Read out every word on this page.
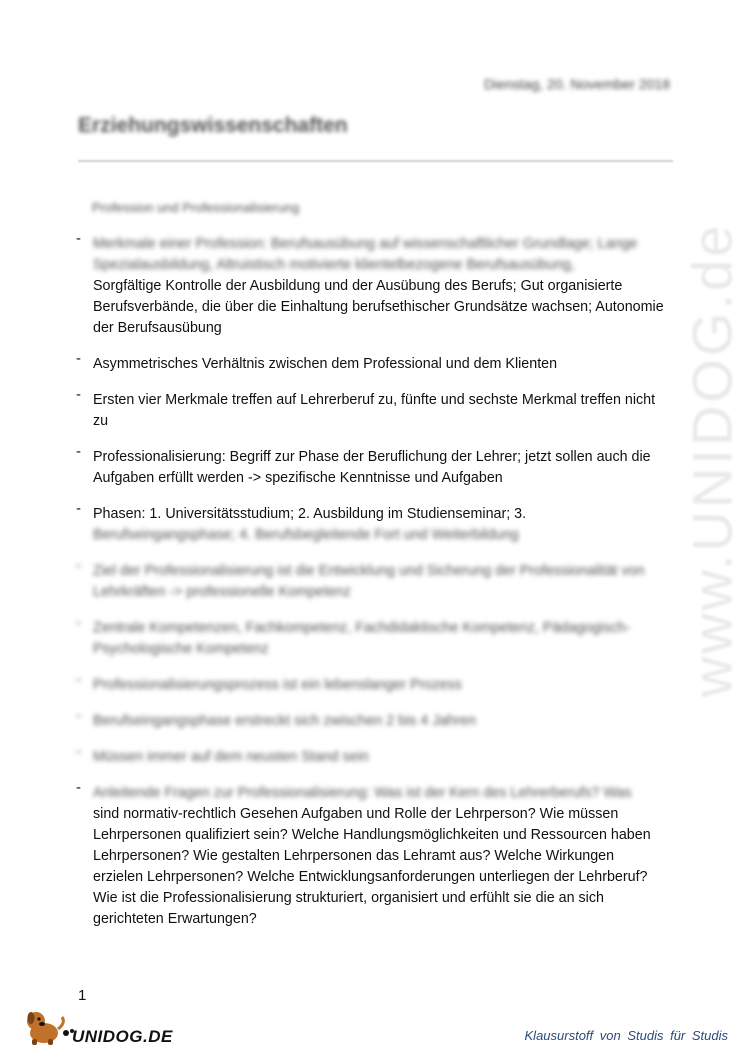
www.UNIDOG.de
Dienstag, 20. November 2018
Erziehungswissenschaften
Profession und Professionalisierung
- Merkmale einer Profession: Berufsausübung auf wissenschaftlicher Grundlage; Lange Spezialausbildung, Altruistisch motivierte klientelbezogene Berufsausübung,
Sorgfältige Kontrolle der Ausbildung und der Ausübung des Berufs; Gut organisierte Berufsverbände, die über die Einhaltung berufsethischer Grundsätze wachsen; Autonomie der Berufsausübung
- Asymmetrisches Verhältnis zwischen dem Professional und dem Klienten
- Ersten vier Merkmale treffen auf Lehrerberuf zu, fünfte und sechste Merkmal treffen nicht zu
- Professionalisierung: Begriff zur Phase der Beruflichung der Lehrer; jetzt sollen auch die Aufgaben erfüllt werden -> spezifische Kenntnisse und Aufgaben
- Phasen: 1. Universitätsstudium; 2. Ausbildung im Studienseminar; 3.
Berufseingangsphase; 4. Berufsbegleitende Fort und Weiterbildung
- Ziel der Professionalisierung ist die Entwicklung und Sicherung der Professionalität von Lehrkräften -> professionelle Kompetenz
- Zentrale Kompetenzen, Fachkompetenz, Fachdidaktische Kompetenz, Pädagogisch-Psychologische Kompetenz
- Professionalisierungsprozess ist ein lebenslanger Prozess
- Berufseingangsphase erstreckt sich zwischen 2 bis 4 Jahren
- Müssen immer auf dem neusten Stand sein
- Anleitende Fragen zur Professionalisierung: Was ist der Kern des Lehrerberufs? Was
sind normativ-rechtlich Gesehen Aufgaben und Rolle der Lehrperson? Wie müssen Lehrpersonen qualifiziert sein? Welche Handlungsmöglichkeiten und Ressourcen haben Lehrpersonen? Wie gestalten Lehrpersonen das Lehramt aus? Welche Wirkungen erzielen Lehrpersonen? Welche Entwicklungsanforderungen unterliegen der Lehrberuf? Wie ist die Professionalisierung strukturiert, organisiert und erfühlt sie die an sich gerichteten Erwartungen?
1
UNIDOG.DE	Klausurstoff von Studis für Studis
